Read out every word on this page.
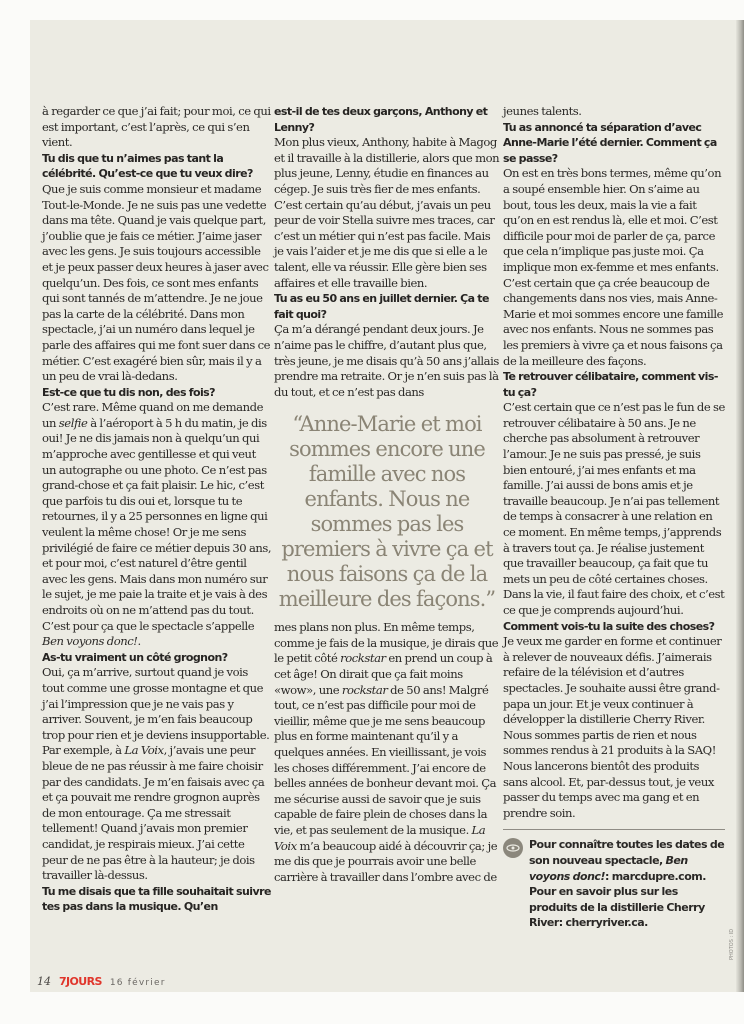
à regarder ce que j’ai fait; pour moi, ce qui est important, c’est l’après, ce qui s’en vient.

Tu dis que tu n’aimes pas tant la célébrité. Qu’est-ce que tu veux dire?

Que je suis comme monsieur et madame Tout-le-Monde. Je ne suis pas une vedette dans ma tête. Quand je vais quelque part, j’oublie que je fais ce métier. J’aime jaser avec les gens. Je suis toujours accessible et je peux passer deux heures à jaser avec quelqu’un. Des fois, ce sont mes enfants qui sont tannés de m’attendre. Je ne joue pas la carte de la célébrité. Dans mon spectacle, j’ai un numéro dans lequel je parle des affaires qui me font suer dans ce métier. C’est exagéré bien sûr, mais il y a un peu de vrai là-dedans.

Est-ce que tu dis non, des fois?

C’est rare. Même quand on me demande un selfie à l’aéroport à 5 h du matin, je dis oui! Je ne dis jamais non à quelqu’un qui m’approche avec gentillesse et qui veut un autographe ou une photo. Ce n’est pas grand-chose et ça fait plaisir. Le hic, c’est que parfois tu dis oui et, lorsque tu te retournes, il y a 25 personnes en ligne qui veulent la même chose! Or je me sens privilégié de faire ce métier depuis 30 ans, et pour moi, c’est naturel d’être gentil avec les gens. Mais dans mon numéro sur le sujet, je me paie la traite et je vais à des endroits où on ne m’attend pas du tout. C’est pour ça que le spectacle s’appelle Ben voyons donc!.

As-tu vraiment un côté grognon?

Oui, ça m’arrive, surtout quand je vois tout comme une grosse montagne et que j’ai l’impression que je ne vais pas y arriver. Souvent, je m’en fais beaucoup trop pour rien et je deviens insupportable. Par exemple, à La Voix, j’avais une peur bleue de ne pas réussir à me faire choisir par des candidats. Je m’en faisais avec ça et ça pouvait me rendre grognon auprès de mon entourage. Ça me stressait tellement! Quand j’avais mon premier candidat, je respirais mieux. J’ai cette peur de ne pas être à la hauteur; je dois travailler là-dessus.

Tu me disais que ta fille souhaitait suivre tes pas dans la musique. Qu’en

est-il de tes deux garçons, Anthony et Lenny?

Mon plus vieux, Anthony, habite à Magog et il travaille à la distillerie, alors que mon plus jeune, Lenny, étudie en finances au cégep. Je suis très fier de mes enfants. C’est certain qu’au début, j’avais un peu peur de voir Stella suivre mes traces, car c’est un métier qui n’est pas facile. Mais je vais l’aider et je me dis que si elle a le talent, elle va réussir. Elle gère bien ses affaires et elle travaille bien.

Tu as eu 50 ans en juillet dernier. Ça te fait quoi?

Ça m’a dérangé pendant deux jours. Je n’aime pas le chiffre, d’autant plus que, très jeune, je me disais qu’à 50 ans j’allais prendre ma retraite. Or je n’en suis pas là du tout, et ce n’est pas dans

“Anne-Marie et moi sommes encore une famille avec nos enfants. Nous ne sommes pas les premiers à vivre ça et nous faisons ça de la meilleure des façons.”

mes plans non plus. En même temps, comme je fais de la musique, je dirais que le petit côté rockstar en prend un coup à cet âge! On dirait que ça fait moins «wow», une rockstar de 50 ans! Malgré tout, ce n’est pas difficile pour moi de vieillir, même que je me sens beaucoup plus en forme maintenant qu’il y a quelques années. En vieillissant, je vois les choses différemment. J’ai encore de belles années de bonheur devant moi. Ça me sécurise aussi de savoir que je suis capable de faire plein de choses dans la vie, et pas seulement de la musique. La Voix m’a beaucoup aidé à découvrir ça; je me dis que je pourrais avoir une belle carrière à travailler dans l’ombre avec de

jeunes talents.

Tu as annoncé ta séparation d’avec Anne-Marie l’été dernier. Comment ça se passe?

On est en très bons termes, même qu’on a soupé ensemble hier. On s’aime au bout, tous les deux, mais la vie a fait qu’on en est rendus là, elle et moi. C’est difficile pour moi de parler de ça, parce que cela n’implique pas juste moi. Ça implique mon ex-femme et mes enfants. C’est certain que ça crée beaucoup de changements dans nos vies, mais Anne-Marie et moi sommes encore une famille avec nos enfants. Nous ne sommes pas les premiers à vivre ça et nous faisons ça de la meilleure des façons.

Te retrouver célibataire, comment vis-tu ça?

C’est certain que ce n’est pas le fun de se retrouver célibataire à 50 ans. Je ne cherche pas absolument à retrouver l’amour. Je ne suis pas pressé, je suis bien entouré, j’ai mes enfants et ma famille. J’ai aussi de bons amis et je travaille beaucoup. Je n’ai pas tellement de temps à consacrer à une relation en ce moment. En même temps, j’apprends à travers tout ça. Je réalise justement que travailler beaucoup, ça fait que tu mets un peu de côté certaines choses. Dans la vie, il faut faire des choix, et c’est ce que je comprends aujourd’hui.

Comment vois-tu la suite des choses?

Je veux me garder en forme et continuer à relever de nouveaux défis. J’aimerais refaire de la télévision et d’autres spectacles. Je souhaite aussi être grand-papa un jour. Et je veux continuer à développer la distillerie Cherry River. Nous sommes partis de rien et nous sommes rendus à 21 produits à la SAQ! Nous lancerons bientôt des produits sans alcool. Et, par-dessus tout, je veux passer du temps avec ma gang et en prendre soin.

Pour connaître toutes les dates de son nouveau spectacle, Ben voyons donc!: marcdupre.com. Pour en savoir plus sur les produits de la distillerie Cherry River: cherryriver.ca.
PHOTOS : ID
14 7JOURS 16 février
